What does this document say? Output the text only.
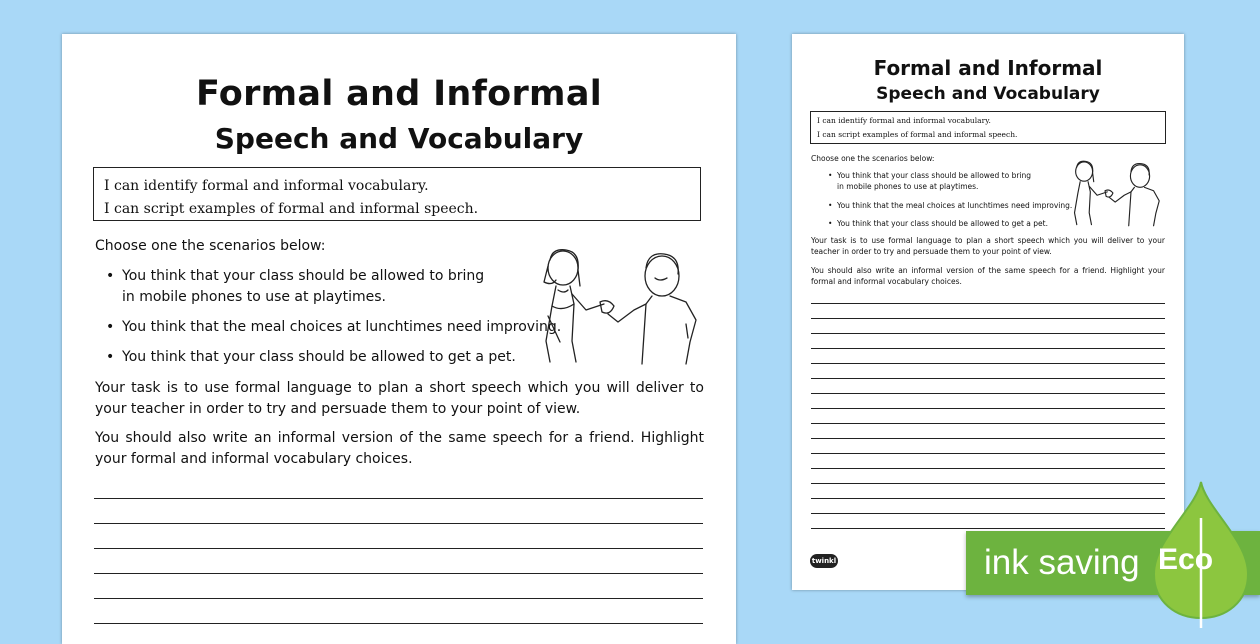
Formal and Informal
Speech and Vocabulary
I can identify formal and informal vocabulary.
I can script examples of formal and informal speech.
Choose one the scenarios below:
• You think that your class should be allowed to bring
in mobile phones to use at playtimes.
• You think that the meal choices at lunchtimes need improving.
• You think that your class should be allowed to get a pet.
Your task is to use formal language to plan a short speech which you will deliver to your teacher in order to try and persuade them to your point of view.
You should also write an informal version of the same speech for a friend. Highlight your formal and informal vocabulary choices.
Formal and Informal
Speech and Vocabulary
I can identify formal and informal vocabulary.
I can script examples of formal and informal speech.
Choose one the scenarios below:
• You think that your class should be allowed to bring
in mobile phones to use at playtimes.
• You think that the meal choices at lunchtimes need improving.
• You think that your class should be allowed to get a pet.
Your task is to use formal language to plan a short speech which you will deliver to your teacher in order to try and persuade them to your point of view.
You should also write an informal version of the same speech for a friend. Highlight your formal and informal vocabulary choices.
twinkl	ink saving Eco
